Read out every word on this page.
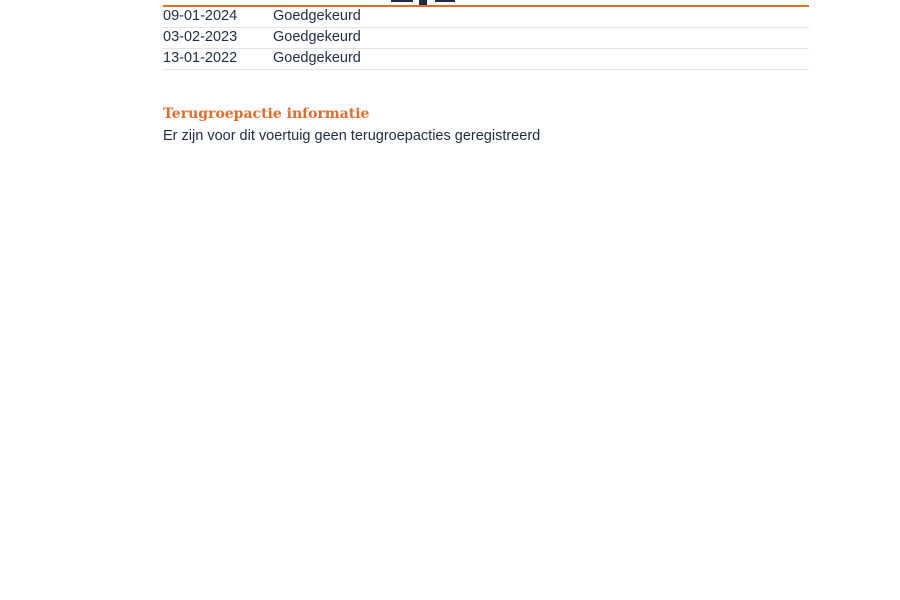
09-01-2024 Goedgekeurd
03-02-2023 Goedgekeurd
13-01-2022 Goedgekeurd
Terugroepactie informatie
Er zijn voor dit voertuig geen terugroepacties geregistreerd
